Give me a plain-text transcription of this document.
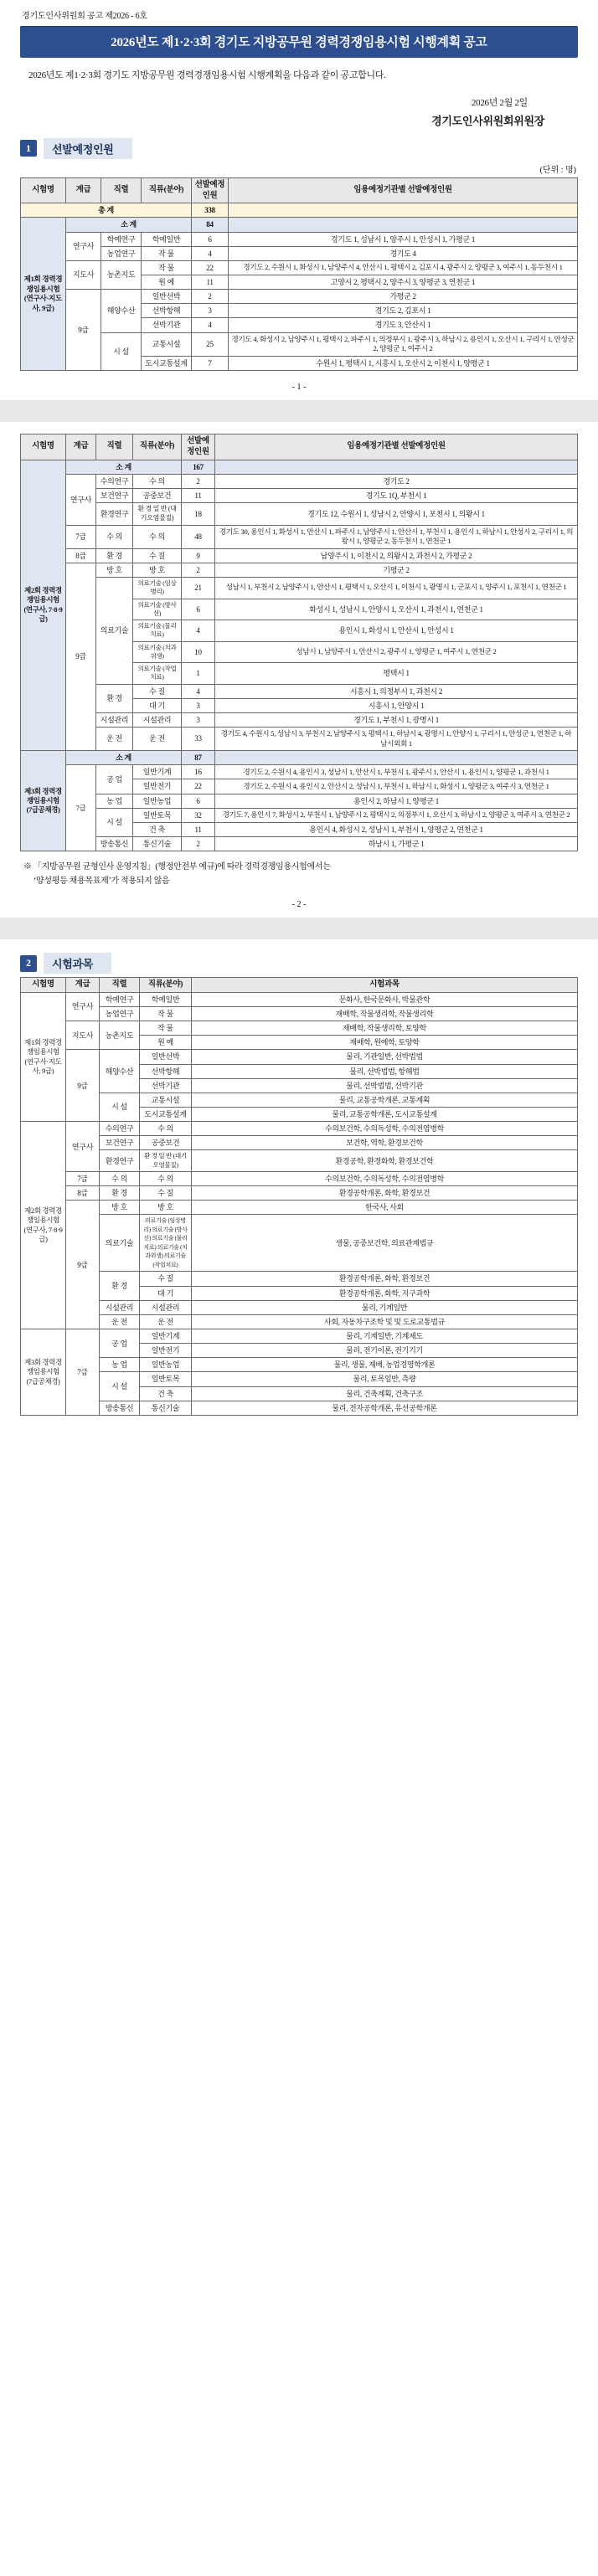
경기도인사위원회 공고 제2026 - 6호
2026년도 제1·2·3회 경기도 지방공무원 경력경쟁임용시험 시행계획 공고
2026년도 제1·2·3회 경기도 지방공무원 경력경쟁임용시험 시행계획을 다음과 같이 공고합니다.
2026년 2월 2일
경기도인사위원회위원장
1	선발예정인원
(단위 : 명)
시험명	계급	직렬	직류(분야)	선발예정인원	임용예정기관별 선발예정인원
총 계				338	
제1회 경력경쟁임용시험 (연구사·지도사, 9급)	소 계			84	
	연구사	학예연구	학예일반	6	경기도 1, 성남시 1, 양주시 1, 안성시 1, 가평군 1
		농업연구	작 물	4	경기도 4
	지도사	농촌지도	작 물	22	경기도 2, 수원시 1, 화성시 1, 남양주시 4, 안산시 1, 평택시 2, 김포시 4, 광주시 2, 양평군 3, 여주시 1, 동두천시 1
			원 예	11	고양시 2, 평택시 2, 양주시 3, 양평군 3, 연천군 1
	9급	해양수산	일반선박	2	가평군 2
			선박항해	3	경기도 2, 김포시 1
			선박기관	4	경기도 3, 안산시 1
		시 설	교통시설	25	경기도 4, 화성시 2, 남양주시 1, 평택시 2, 파주시 1, 의정부시 1, 광주시 3, 하남시 2, 용인시 1, 오산시 1, 구리시 1, 안성군 2, 양평군 1, 여주시 2
			도시교통설계	7	수원시 1, 평택시 1, 시흥시 1, 오산시 2, 이천시 1, 양평군 1
- 1 -
시험명	계급	직렬	직류(분야)	선발예정인원	임용예정기관별 선발예정인원
제2회 경력경쟁임용시험 (연구사, 7·8·9급)	소 계			167	
	연구사	수의연구	수 의	2	경기도 2
		보건연구	공중보건	11	경기도 1Q, 부천시 1
		환경연구	환 경 일 반 (대기오염물질)	18	경기도 12, 수원시 1, 성남시 2, 안양시 1, 포천시 1, 의왕시 1
	7급	수 의	수 의	48	경기도 30, 용인시 1, 화성시 1, 안산시 1, 파주시 1, 남양주시 1, 안산시 1, 부천시 1, 용인시 1, 하남시 1, 안성시 2, 구리시 1, 의왕시 1, 양평군 2, 동두천시 1, 연천군 1
	8급	환 경	수 질	9	남양주시 1, 이천시 2, 의왕시 2, 과천시 2, 가평군 2
	9급	방 호	방 호	2	기평군 2
		의료기술	의료기술 (임상병리)	21	성남시 1, 부천시 2, 남양주시 1, 안산시 1, 평택시 1, 오산시 1, 이천시 1, 광명시 1, 군포시 1, 양주시 1, 포천시 1, 연천군 1
			의료기술 (방사선)	6	화성시 1, 성남시 1, 안양시 1, 오산시 1, 과천시 1, 연천군 1
			의료기술 (물리치료)	4	용인시 1, 화성시 1, 안산시 1, 안성시 1
			의료기술 (치과위생)	10	성남시 1, 남양주시 1, 안산시 2, 광주시 1, 양평군 1, 여주시 1, 연천군 2
			의료기술 (작업치료)	1	평택시 1
		환 경	수 질	4	시흥시 1, 의정부시 1, 과천시 2
			대 기	3	시흥시 1, 안양시 1
		시설관리	시설관리	3	경기도 1, 부천시 1, 광명시 1
		운 전	운 전	33	경기도 4, 수원시 5, 성남시 3, 부천시 2, 남양주시 3, 평택시 1, 하남시 4, 광명시 1, 안양시 1, 구리시 1, 안성군 1, 연천군 1, 하남시외회 1
제3회 경력경쟁임용시험 (7급공채경)	소 계			87	
	7급	공 업	일반기계	16	경기도 2, 수원시 4, 용인시 3, 성남시 1, 안산시 1, 부천시 1, 광주시 1, 안산시 1, 용인시 1, 양평군 1, 과천시 1
			일반전기	22	경기도 2, 수원시 4, 용인시 2, 안산시 2, 성남시 1, 부천시 1, 하남시 1, 화성시 1, 양평군 3, 여주시 3, 연천군 1
		농 업	일반농업	6	용인시 2, 하남시 1, 양평군 1
		시 설	일반토목	32	경기도 7, 용인시 7, 화성시 2, 부천시 1, 남양주시 2, 평택시 2, 의정부시 1, 오산시 3, 하남시 2, 양평군 3, 여주시 3, 연천군 2
			건 축	11	용인시 4, 화성시 2, 성남시 1, 부천시 1, 양평군 2, 연천군 1
		방송통신	통신기술	2	하남시 1, 가평군 1
※ 「지방공무원 균형인사 운영지침」(행정안전부 예규)에 따라 경력경쟁임용시험에서는
‘양성평등 채용목표제’가 적용되지 않음
- 2 -
2	시험과목
시험명	계급	직렬	직류(분야)	시험과목
제1회 경력경쟁임용시험 (연구사·지도사, 9급)	연구사	학예연구	학예일반	문화사, 한국문화사, 박물관학
		농업연구	작 물	재배학, 작물생리학, 작물생리학
	지도사	농촌지도	작 물	재배학, 작물생리학, 토양학
			원 예	재배학, 원예학, 토양학
	9급	해양수산	일반선박	물리, 기관일반, 선박법법
			선박항해	물리, 선박법법, 항해법
			선박기관	물리, 선박법법, 선박기관
		시 설	교통시설	물리, 교통공학개론, 교통계획
			도시교통설계	물리, 교통공학개론, 도시교통설계
제2회 경력경쟁임용시험 (연구사, 7·8·9급)	연구사	수의연구	수 의	수의보건학, 수의독성학, 수의전염병학
		보건연구	공중보건	보건학, 역학, 환경보건학
		환경연구	환 경 일 반 (대기오염물질)	환경공학, 환경화학, 환경보건학
	7급	수 의	수 의	수의보건학, 수의독성학, 수의전염병학
	8급	환 경	수 질	환경공학개론, 화학, 환경보건
	9급	방 호	방 호	한국사, 사회
		의료기술	의료기술 (임상병리) 의료기술 (방사선) 의료기술 (물리치료) 의료기술 (치과위생) 의료기술 (작업치료)	생물, 공중보건학, 의료관계법규
		환 경	수 질	환경공학개론, 화학, 환경보건
			대 기	환경공학개론, 화학, 지구과학
		시설관리	시설관리	물리, 기계일반
		운 전	운 전	사회, 자동차구조학 및 및 도로교통법규
제3회 경력경쟁임용시험 (7급공채경)	7급	공 업	일반기계	물리, 기계일반, 기계제도
			일반전기	물리, 전기이론, 전기기기
		농 업	일반농업	물리, 생물, 재배, 농업경영학개론
		시 설	일반토목	물리, 토목일반, 측량
			건 축	물리, 건축계획, 건축구조
		방송통신	통신기술	물리, 전자공학개론, 유선공학개론
